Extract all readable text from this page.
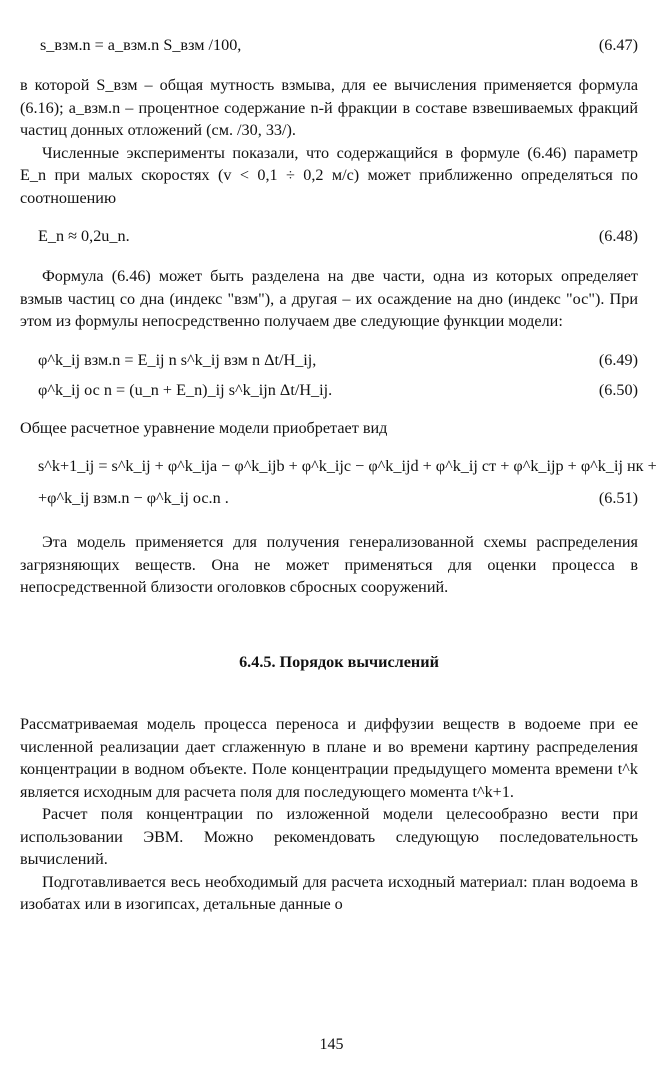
s_взм.n = a_взм.n S_взм /100,	(6.47)

в которой S_взм – общая мутность взмыва, для ее вычисления применяется формула (6.16); a_взм.n – процентное содержание n-й фракции в составе взвешиваемых фракций частиц донных отложений (см. /30, 33/).

Численные эксперименты показали, что содержащийся в формуле (6.46) параметр E_n при малых скоростях (v < 0,1 ÷ 0,2 м/с) может приближенно определяться по соотношению

E_n ≈ 0,2u_n.	(6.48)

Формула (6.46) может быть разделена на две части, одна из которых определяет взмыв частиц со дна (индекс "взм"), а другая – их осаждение на дно (индекс "ос"). При этом из формулы непосредственно получаем две следующие функции модели:

φ^k_ij взм.n = E_ij n s^k_ij взм n Δt/H_ij,	(6.49)
φ^k_ij ос n = (u_n + E_n)_ij s^k_ijn Δt/H_ij.	(6.50)

Общее расчетное уравнение модели приобретает вид

s^k+1_ij = s^k_ij + φ^k_ija − φ^k_ijb + φ^k_ijc − φ^k_ijd + φ^k_ij ст + φ^k_ijp + φ^k_ij нк +
+φ^k_ij взм.n − φ^k_ij ос.n .	(6.51)

Эта модель применяется для получения генерализованной схемы распределения загрязняющих веществ. Она не может применяться для оценки процесса в непосредственной близости оголовков сбросных сооружений.

6.4.5. Порядок вычислений

Рассматриваемая модель процесса переноса и диффузии веществ в водоеме при ее численной реализации дает сглаженную в плане и во времени картину распределения концентрации в водном объекте. Поле концентрации предыдущего момента времени t^k является исходным для расчета поля для последующего момента t^k+1.

Расчет поля концентрации по изложенной модели целесообразно вести при использовании ЭВМ. Можно рекомендовать следующую последовательность вычислений.

Подготавливается весь необходимый для расчета исходный материал: план водоема в изобатах или в изогипсах, детальные данные о

145
